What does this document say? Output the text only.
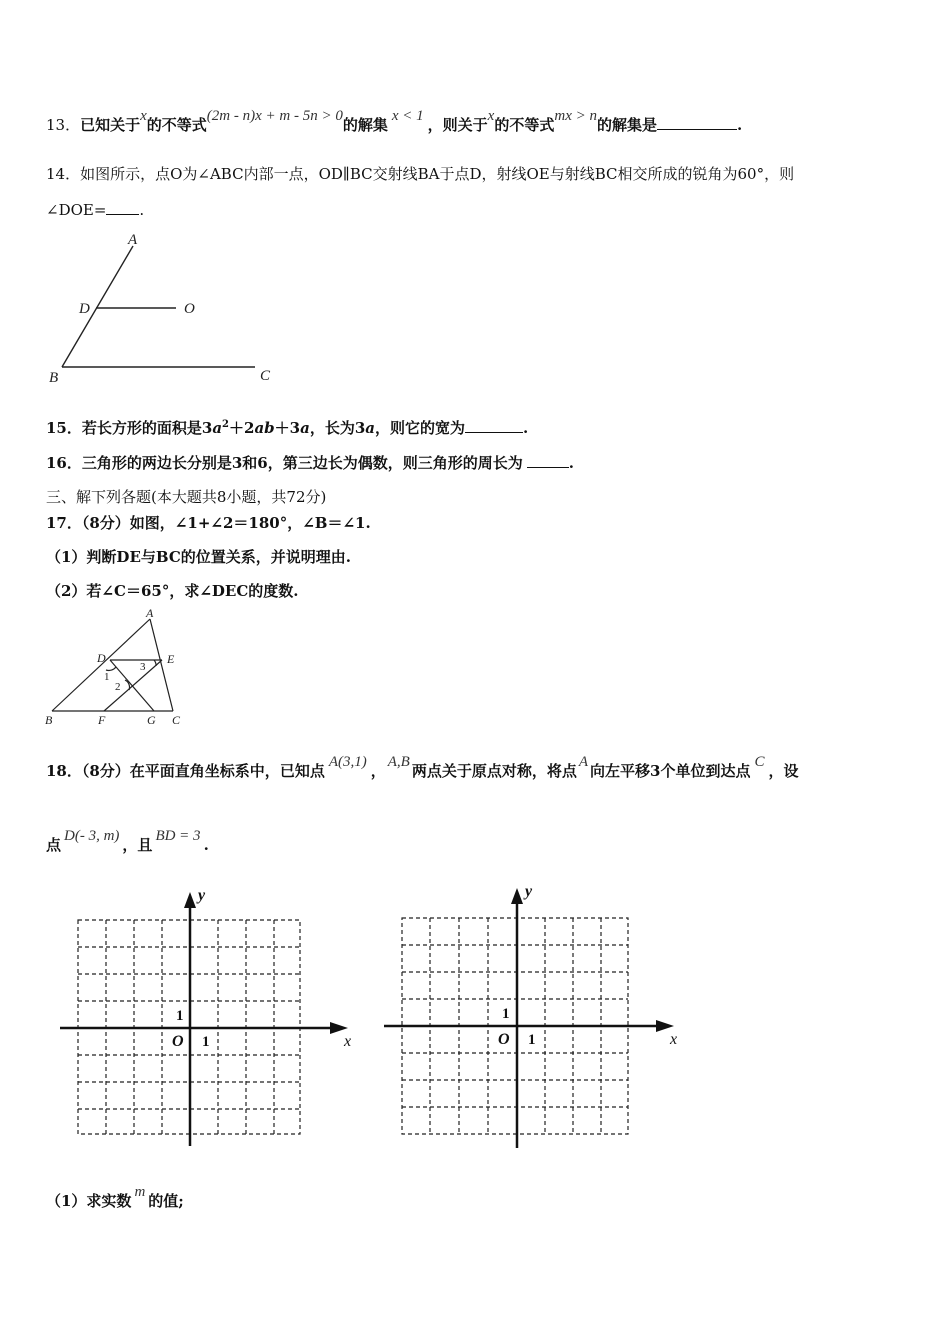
13．已知关于x的不等式(2m - n)x + m - 5n > 0的解集 x < 1 ，则关于x的不等式mx > n的解集是	.
14．如图所示，点O为∠ABC内部一点，OD∥BC交射线BA于点D，射线OE与射线BC相交所成的锐角为60°，则
∠DOE= .
A
D	O
B	C
15．若长方形的面积是$3a^2+2ab+3a$，长为3a，则它的宽为	.
16．三角形的两边长分别是3和6，第三边长为偶数，则三角形的周长为	.
三、解下列各题(本大题共8小题，共72分)
17．（8分）如图，∠1+∠2＝180°，∠B＝∠1.
（1）判断DE与BC的位置关系，并说明理由.
（2）若∠C＝65°，求∠DEC的度数.
A
D	E
B	F	G C
1
2
3
18．（8分）在平面直角坐标系中，已知点 A(3,1) ， A,B 两点关于原点对称，将点 A 向左平移3个单位到达点 C ，设
点 D(- 3, m) ，且 BD = 3 .
y
x
O 1
1
y
x
O 1
1
（1）求实数 m 的值;
